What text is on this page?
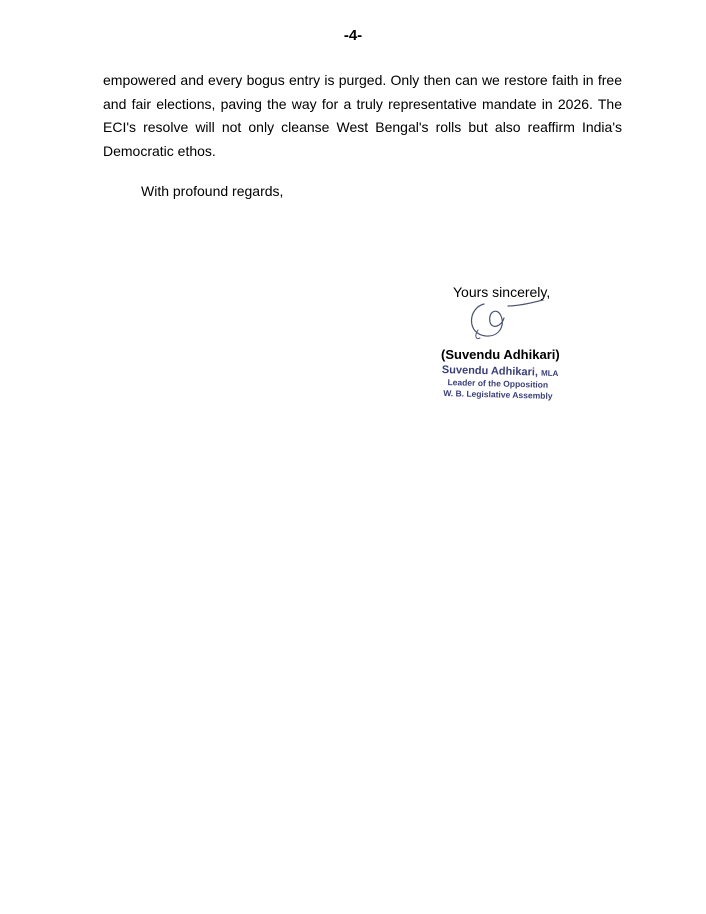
-4-

empowered and every bogus entry is purged. Only then can we restore faith in free and fair elections, paving the way for a truly representative mandate in 2026. The ECI's resolve will not only cleanse West Bengal's rolls but also reaffirm India's Democratic ethos.

With profound regards,

Yours sincerely,
(Suvendu Adhikari)
Suvendu Adhikari, MLA
Leader of the Opposition
W. B. Legislative Assembly
